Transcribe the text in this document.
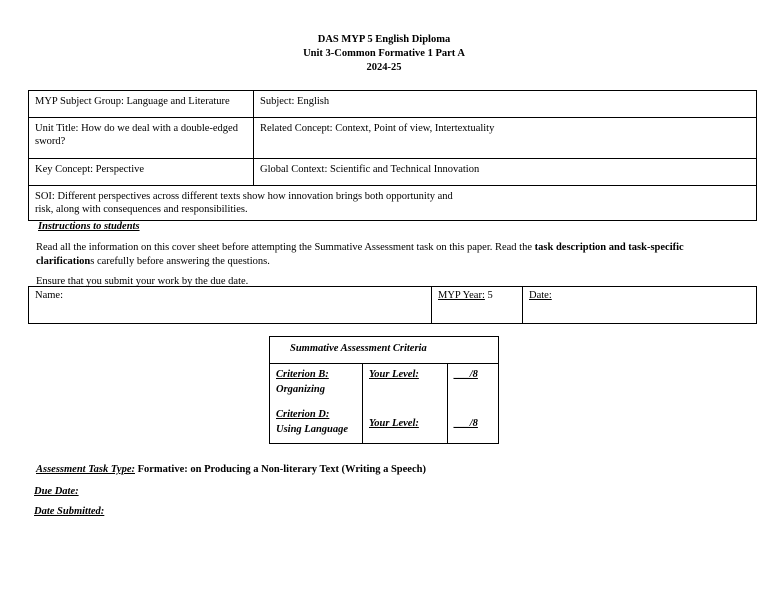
DAS MYP 5 English Diploma
Unit 3-Common Formative 1 Part A
2024-25
MYP Subject Group: Language and Literature	Subject: English
Unit Title: How do we deal with a double-edged sword?	Related Concept: Context, Point of view, Intertextuality
Key Concept: Perspective	Global Context: Scientific and Technical Innovation

SOI: Different perspectives across different texts show how innovation brings both opportunity and
risk, along with consequences and responsibilities.	
Instructions to students
Read all the information on this cover sheet before attempting the Summative Assessment task on this paper. Read the task description and task-specific
clarifications carefully before answering the questions.
Ensure that you submit your work by the due date.
Name:	MYP Year: 5	Date:
Summative Assessment Criteria
Criterion B:
Organizing	Your Level:	___/8

Criterion D:
Using Language	Your Level:	___/8
Assessment Task Type: Formative: on Producing a Non-literary Text (Writing a Speech)
Due Date:
Date Submitted:
